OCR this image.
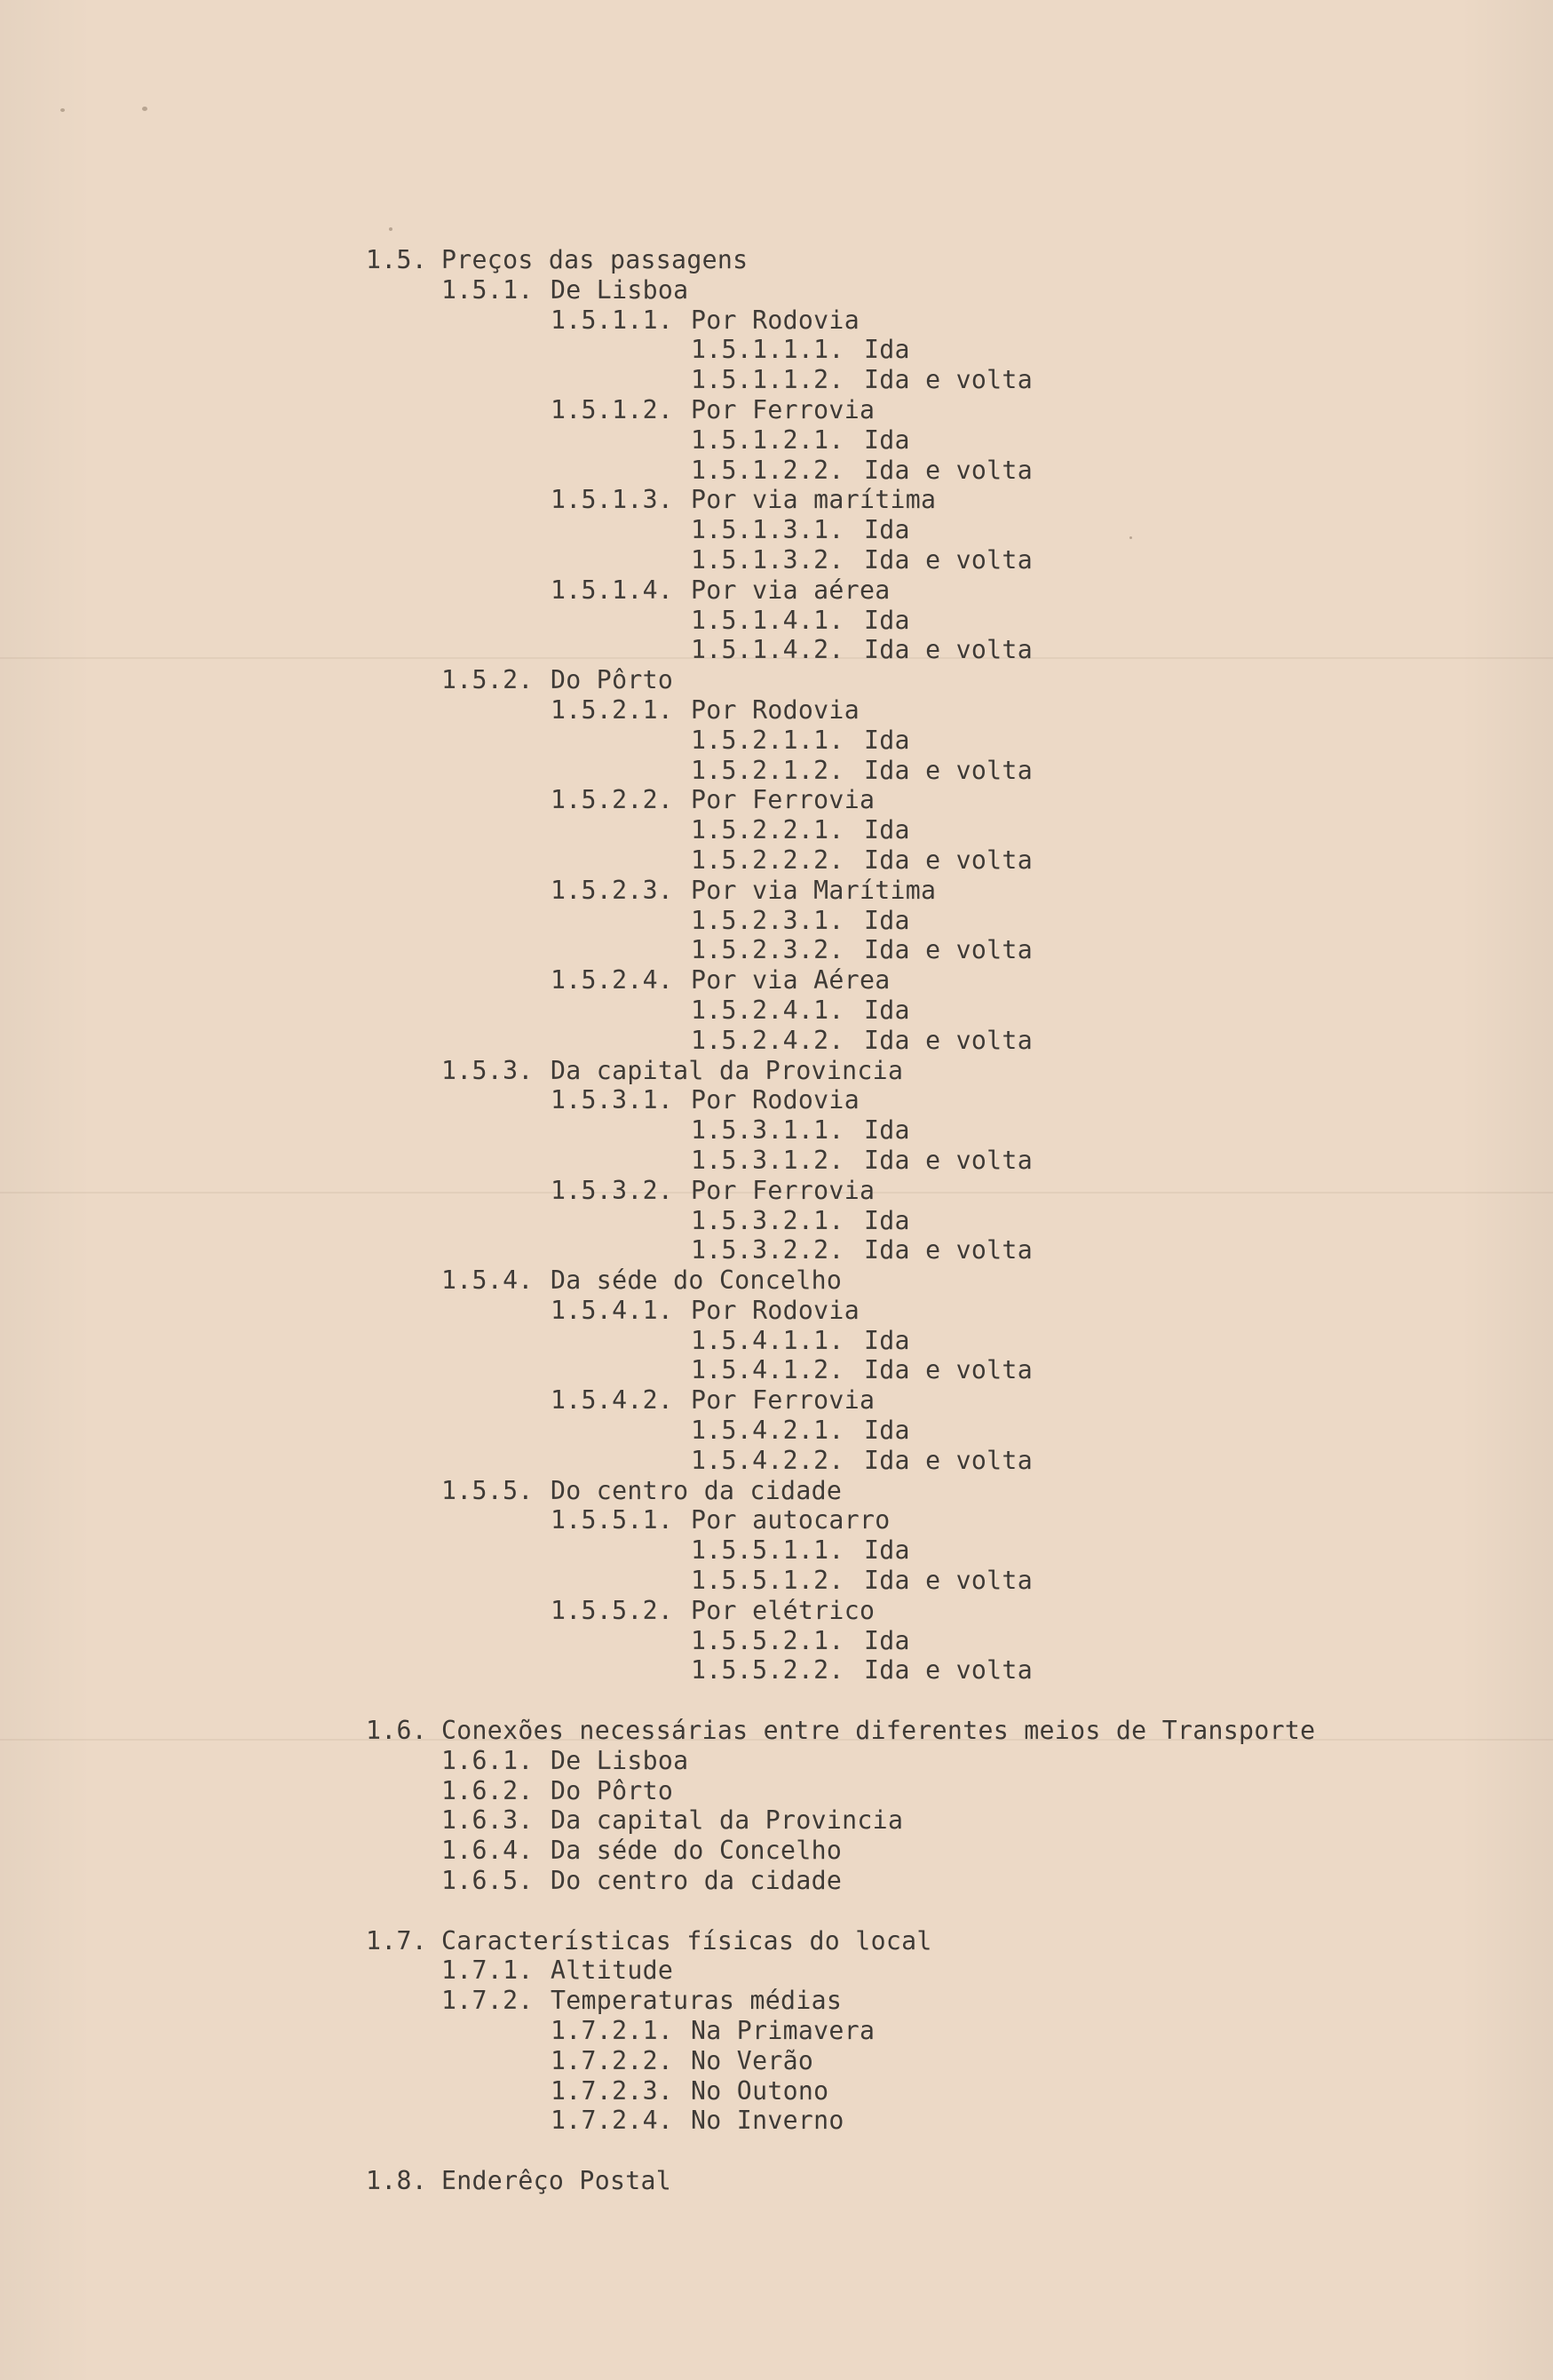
1.5. Preços das passagens
1.5.1. De Lisboa
1.5.1.1. Por Rodovia
1.5.1.1.1. Ida
1.5.1.1.2. Ida e volta
1.5.1.2. Por Ferrovia
1.5.1.2.1. Ida
1.5.1.2.2. Ida e volta
1.5.1.3. Por via marítima
1.5.1.3.1. Ida
1.5.1.3.2. Ida e volta
1.5.1.4. Por via aérea
1.5.1.4.1. Ida
1.5.1.4.2. Ida e volta
1.5.2. Do Pôrto
1.5.2.1. Por Rodovia
1.5.2.1.1. Ida
1.5.2.1.2. Ida e volta
1.5.2.2. Por Ferrovia
1.5.2.2.1. Ida
1.5.2.2.2. Ida e volta
1.5.2.3. Por via Marítima
1.5.2.3.1. Ida
1.5.2.3.2. Ida e volta
1.5.2.4. Por via Aérea
1.5.2.4.1. Ida
1.5.2.4.2. Ida e volta
1.5.3. Da capital da Provincia
1.5.3.1. Por Rodovia
1.5.3.1.1. Ida
1.5.3.1.2. Ida e volta
1.5.3.2. Por Ferrovia
1.5.3.2.1. Ida
1.5.3.2.2. Ida e volta
1.5.4. Da séde do Concelho
1.5.4.1. Por Rodovia
1.5.4.1.1. Ida
1.5.4.1.2. Ida e volta
1.5.4.2. Por Ferrovia
1.5.4.2.1. Ida
1.5.4.2.2. Ida e volta
1.5.5. Do centro da cidade
1.5.5.1. Por autocarro
1.5.5.1.1. Ida
1.5.5.1.2. Ida e volta
1.5.5.2. Por elétrico
1.5.5.2.1. Ida
1.5.5.2.2. Ida e volta
1.6. Conexões necessárias entre diferentes meios de Transporte
1.6.1. De Lisboa
1.6.2. Do Pôrto
1.6.3. Da capital da Provincia
1.6.4. Da séde do Concelho
1.6.5. Do centro da cidade
1.7. Características físicas do local
1.7.1. Altitude
1.7.2. Temperaturas médias
1.7.2.1. Na Primavera
1.7.2.2. No Verão
1.7.2.3. No Outono
1.7.2.4. No Inverno
1.8. Enderêço Postal
